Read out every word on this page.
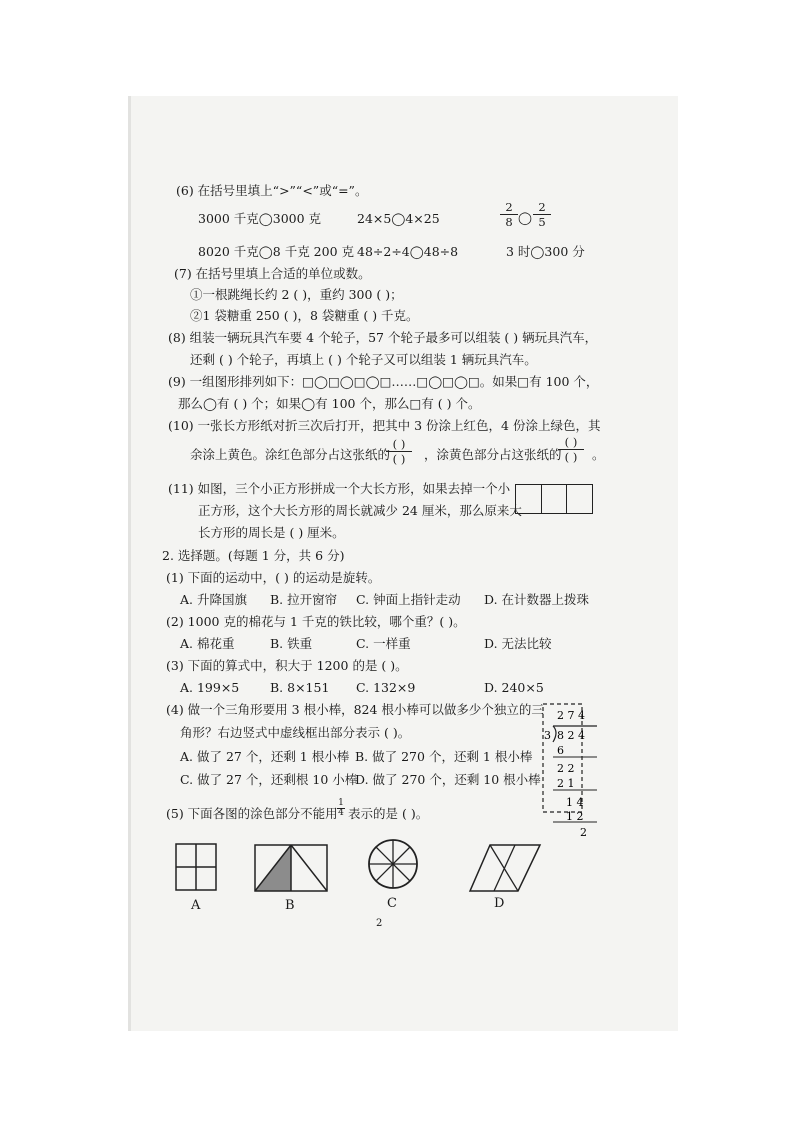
(6) 在括号里填上“>”“<”或“=”。
3000 千克◯3000 克	24×5◯4×25
2
8 ◯
2
5
8020 千克◯8 千克 200 克 48÷2÷4◯48÷8	3 时◯300 分
(7) 在括号里填上合适的单位或数。
①一根跳绳长约 2 ( )，重约 300 ( )；
②1 袋糖重 250 ( )，8 袋糖重 ( ) 千克。
(8) 组装一辆玩具汽车要 4 个轮子，57 个轮子最多可以组装 ( ) 辆玩具汽车，
还剩 ( ) 个轮子，再填上 ( ) 个轮子又可以组装 1 辆玩具汽车。
(9) 一组图形排列如下：□◯□◯□◯□……□◯□◯□。如果□有 100 个，
那么◯有 ( ) 个；如果◯有 100 个，那么□有 ( ) 个。
(10) 一张长方形纸对折三次后打开，把其中 3 份涂上红色，4 份涂上绿色，其
余涂上黄色。涂红色部分占这张纸的
( )
( ) ，涂黄色部分占这张纸的
( )
( ) 。
(11) 如图，三个小正方形拼成一个大长方形，如果去掉一个小
正方形，这个大长方形的周长就减少 24 厘米，那么原来大
长方形的周长是 ( ) 厘米。
2. 选择题。(每题 1 分，共 6 分)
(1) 下面的运动中，( ) 的运动是旋转。
A. 升降国旗 B. 拉开窗帘 C. 钟面上指针走动 D. 在计数器上拨珠
(2) 1000 克的棉花与 1 千克的铁比较，哪个重？( )。
A. 棉花重	B. 铁重	C. 一样重	D. 无法比较
(3) 下面的算式中，积大于 1200 的是 ( )。
A. 199×5 B. 8×151 C. 132×9	D. 240×5
(4) 做一个三角形要用 3 根小棒，824 根小棒可以做多少个独立的三
角形？右边竖式中虚线框出部分表示 ( )。
A. 做了 27 个，还剩 1 根小棒 B. 做了 270 个，还剩 1 根小棒
C. 做了 27 个，还剩根 10 小棒
D. 做了 270 个，还剩 10 根小棒
(5) 下面各图的涂色部分不能用
1
4 表示的是 ( )。
2 7 4
3 8 2 4
6
2 2
2 1
1 4
1 2
2
A	B	C	D
2
